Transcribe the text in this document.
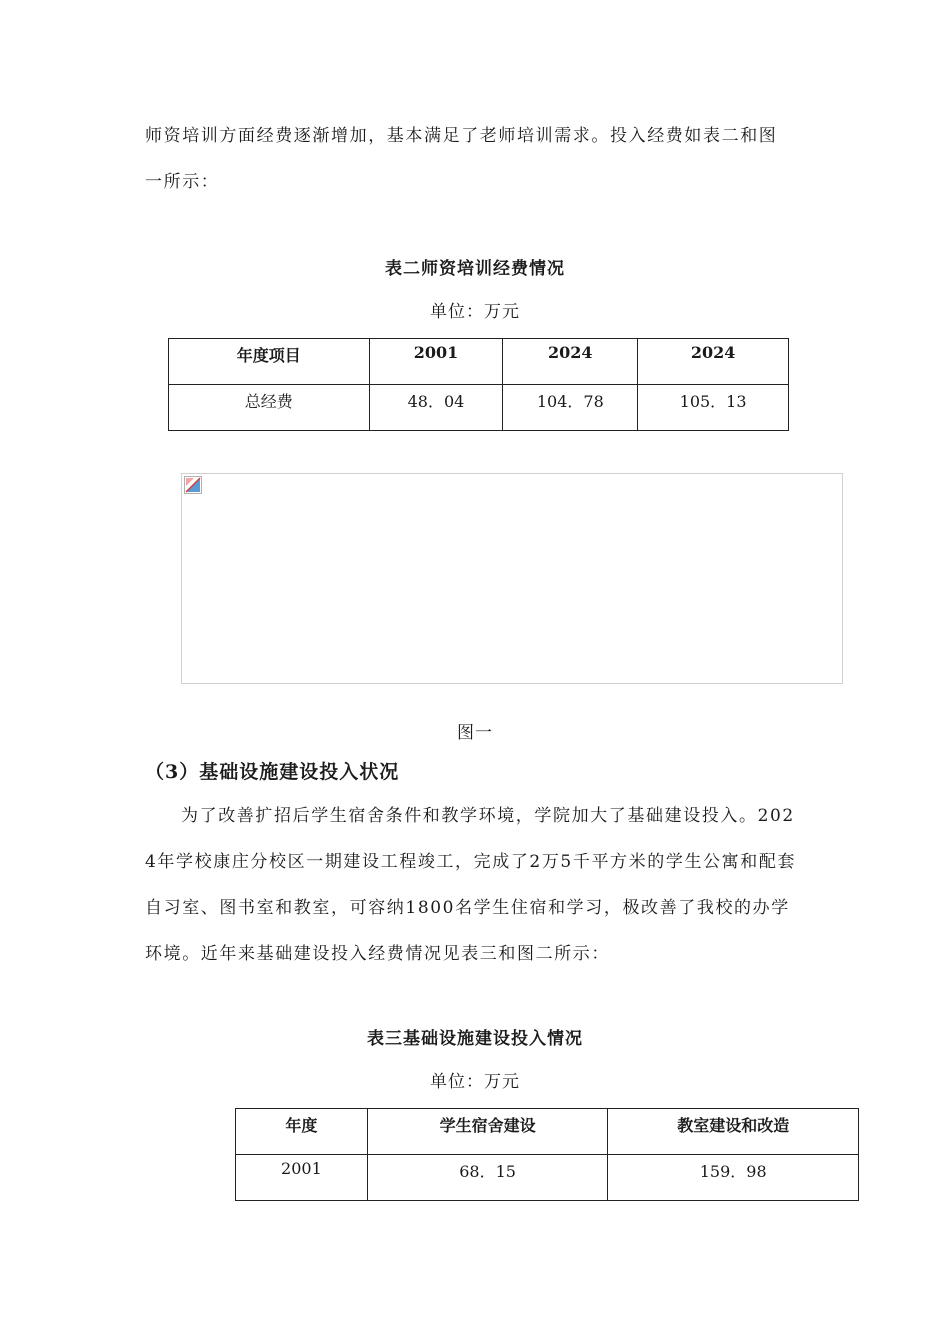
师资培训方面经费逐渐增加，基本满足了老师培训需求。投入经费如表二和图
一所示：

表二师资培训经费情况

单位：万元

年度项目	2001	2024	2024
总经费	48．04	104．78	105．13

图一

（3）基础设施建设投入状况

为了改善扩招后学生宿舍条件和教学环境，学院加大了基础建设投入。202
4年学校康庄分校区一期建设工程竣工，完成了2万5千平方米的学生公寓和配套
自习室、图书室和教室，可容纳1800名学生住宿和学习，极改善了我校的办学
环境。近年来基础建设投入经费情况见表三和图二所示：

表三基础设施建设投入情况

单位：万元

年度	学生宿舍建设	教室建设和改造
2001	68．15	159．98
